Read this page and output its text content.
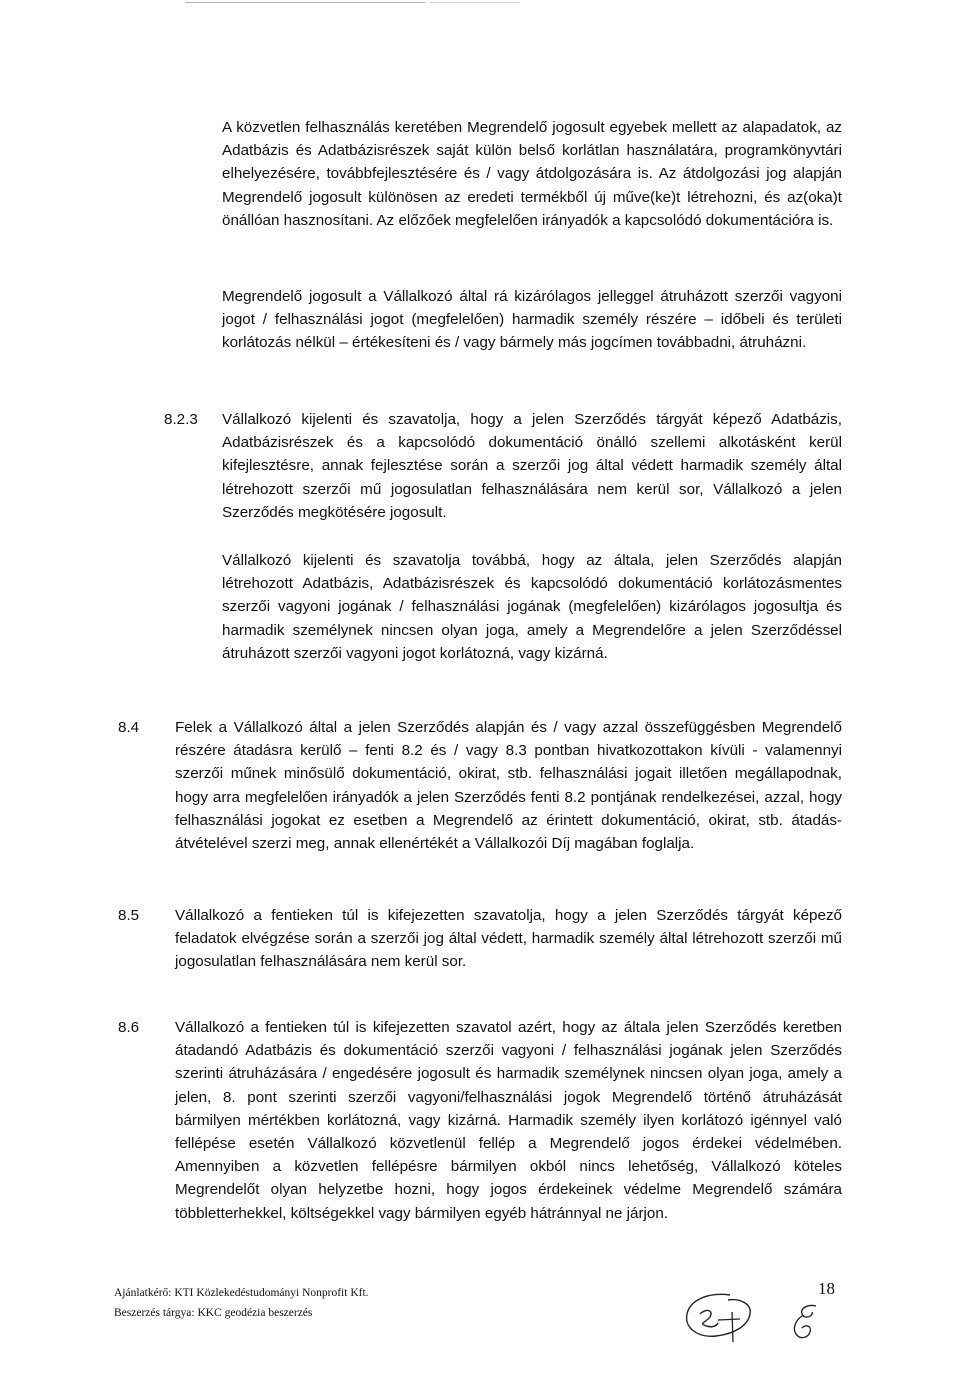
A közvetlen felhasználás keretében Megrendelő jogosult egyebek mellett az alapadatok, az Adatbázis és Adatbázisrészek saját külön belső korlátlan használatára, programkönyvtári elhelyezésére, továbbfejlesztésére és / vagy átdolgozására is. Az átdolgozási jog alapján Megrendelő jogosult különösen az eredeti termékből új műve(ke)t létrehozni, és az(oka)t önállóan hasznosítani. Az előzőek megfelelően irányadók a kapcsolódó dokumentációra is.

Megrendelő jogosult a Vállalkozó által rá kizárólagos jelleggel átruházott szerzői vagyoni jogot / felhasználási jogot (megfelelően) harmadik személy részére – időbeli és területi korlátozás nélkül – értékesíteni és / vagy bármely más jogcímen továbbadni, átruházni.

8.2.3 Vállalkozó kijelenti és szavatolja, hogy a jelen Szerződés tárgyát képező Adatbázis, Adatbázisrészek és a kapcsolódó dokumentáció önálló szellemi alkotásként kerül kifejlesztésre, annak fejlesztése során a szerzői jog által védett harmadik személy által létrehozott szerzői mű jogosulatlan felhasználására nem kerül sor, Vállalkozó a jelen Szerződés megkötésére jogosult.

Vállalkozó kijelenti és szavatolja továbbá, hogy az általa, jelen Szerződés alapján létrehozott Adatbázis, Adatbázisrészek és kapcsolódó dokumentáció korlátozásmentes szerzői vagyoni jogának / felhasználási jogának (megfelelően) kizárólagos jogosultja és harmadik személynek nincsen olyan joga, amely a Megrendelőre a jelen Szerződéssel átruházott szerzői vagyoni jogot korlátozná, vagy kizárná.

8.4 Felek a Vállalkozó által a jelen Szerződés alapján és / vagy azzal összefüggésben Megrendelő részére átadásra kerülő – fenti 8.2 és / vagy 8.3 pontban hivatkozottakon kívüli - valamennyi szerzői műnek minősülő dokumentáció, okirat, stb. felhasználási jogait illetően megállapodnak, hogy arra megfelelően irányadók a jelen Szerződés fenti 8.2 pontjának rendelkezései, azzal, hogy felhasználási jogokat ez esetben a Megrendelő az érintett dokumentáció, okirat, stb. átadás-átvételével szerzi meg, annak ellenértékét a Vállalkozói Díj magában foglalja.

8.5 Vállalkozó a fentieken túl is kifejezetten szavatolja, hogy a jelen Szerződés tárgyát képező feladatok elvégzése során a szerzői jog által védett, harmadik személy által létrehozott szerzői mű jogosulatlan felhasználására nem kerül sor.

8.6 Vállalkozó a fentieken túl is kifejezetten szavatol azért, hogy az általa jelen Szerződés keretben átadandó Adatbázis és dokumentáció szerzői vagyoni / felhasználási jogának jelen Szerződés szerinti átruházására / engedésére jogosult és harmadik személynek nincsen olyan joga, amely a jelen, 8. pont szerinti szerzői vagyoni/felhasználási jogok Megrendelő történő átruházását bármilyen mértékben korlátozná, vagy kizárná. Harmadik személy ilyen korlátozó igénnyel való fellépése esetén Vállalkozó közvetlenül fellép a Megrendelő jogos érdekei védelmében. Amennyiben a közvetlen fellépésre bármilyen okból nincs lehetőség, Vállalkozó köteles Megrendelőt olyan helyzetbe hozni, hogy jogos érdekeinek védelme Megrendelő számára többletterhekkel, költségekkel vagy bármilyen egyéb hátránnyal ne járjon.

Ajánlatkérő: KTI Közlekedéstudományi Nonprofit Kft.
Beszerzés tárgya: KKC geodézia beszerzés
18
